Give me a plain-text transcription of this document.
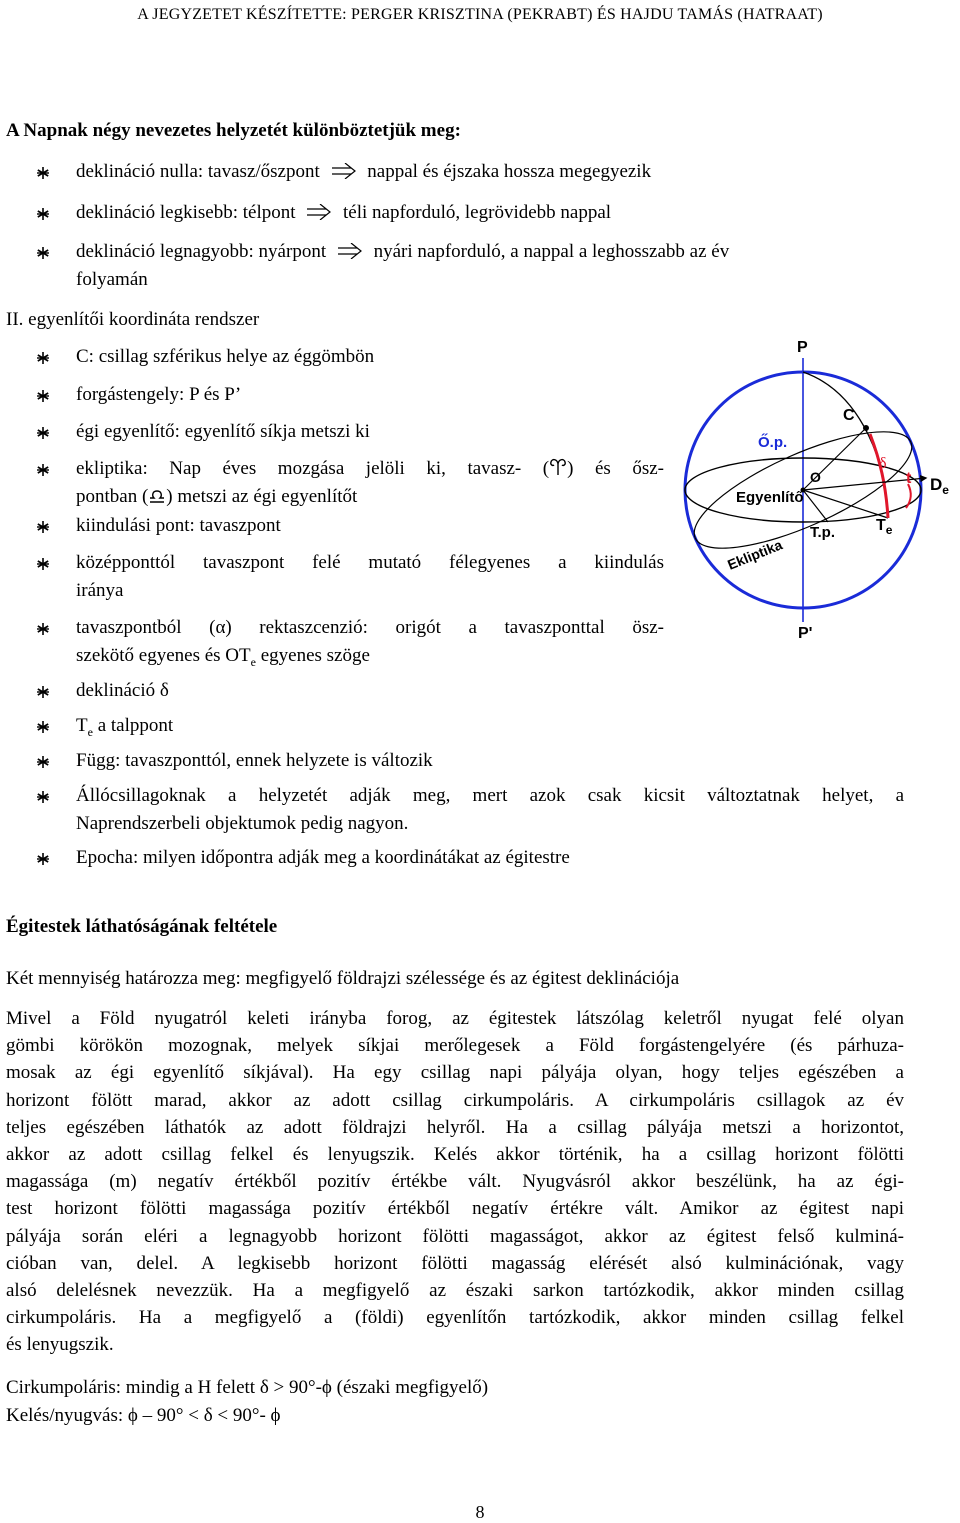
A JEGYZETET KÉSZÍTETTE: PERGER KRISZTINA (PEKRABT) ÉS HAJDU TAMÁS (HATRAAT)
A Napnak négy nevezetes helyzetét különböztetjük meg:
deklináció nulla: tavasz/őszpont	nappal és éjszaka hossza megegyezik
deklináció legkisebb: télpont	téli napforduló, legrövidebb nappal
deklináció legnagyobb: nyárpont	nyári napforduló, a nappal a leghosszabb az év
folyamán
II. egyenlítői koordináta rendszer
C: csillag szférikus helye az éggömbön
forgástengely: P és P’
égi egyenlítő: egyenlítő síkja metszi ki
ekliptika: Nap éves mozgása jelöli ki, tavasz- ( ) és ősz-
pontban ( ) metszi az égi egyenlítőt
kiindulási pont: tavaszpont
középponttól tavaszpont felé mutató félegyenes a kiindulás
iránya
tavaszpontból (α) rektaszcenzió: origót a tavaszponttal ösz-
szekötő egyenes és $OT_e$ egyenes szöge
deklináció δ
$T_e$ a talppont
Függ: tavaszponttól, ennek helyzete is változik
Állócsillagoknak a helyzetét adják meg, mert azok csak kicsit változtatnak helyet, a
Naprendszerbeli objektumok pedig nagyon.
Epocha: milyen időpontra adják meg a koordinátákat az égitestre
P
P'
C
Ő.p.
O
Egyenlítő
δ
t $D_e$
T.p.	$T_e$
Ekliptika
Égitestek láthatóságának feltétele
Két mennyiség határozza meg: megfigyelő földrajzi szélessége és az égitest deklinációja
Mivel a Föld nyugatról keleti irányba forog, az égitestek látszólag keletről nyugat felé olyan
gömbi körökön mozognak, melyek síkjai merőlegesek a Föld forgástengelyére (és párhuza-
mosak az égi egyenlítő síkjával). Ha egy csillag napi pályája olyan, hogy teljes egészében a
horizont fölött marad, akkor az adott csillag cirkumpoláris. A cirkumpoláris csillagok az év
teljes egészében láthatók az adott földrajzi helyről. Ha a csillag pályája metszi a horizontot,
akkor az adott csillag felkel és lenyugszik. Kelés akkor történik, ha a csillag horizont fölötti
magassága (m) negatív értékből pozitív értékbe vált. Nyugvásról akkor beszélünk, ha az égi-
test horizont fölötti magassága pozitív értékből negatív értékre vált. Amikor az égitest napi
pályája során eléri a legnagyobb horizont fölötti magasságot, akkor az égitest felső kulminá-
cióban van, delel. A legkisebb horizont fölötti magasság elérését alsó kulminációnak, vagy
alsó delelésnek nevezzük. Ha a megfigyelő az északi sarkon tartózkodik, akkor minden csillag
cirkumpoláris. Ha a megfigyelő a (földi) egyenlítőn tartózkodik, akkor minden csillag felkel
és lenyugszik.
Cirkumpoláris: mindig a H felett δ > 90°-ϕ (északi megfigyelő)
Kelés/nyugvás: ϕ – 90° < δ < 90°- ϕ
8
